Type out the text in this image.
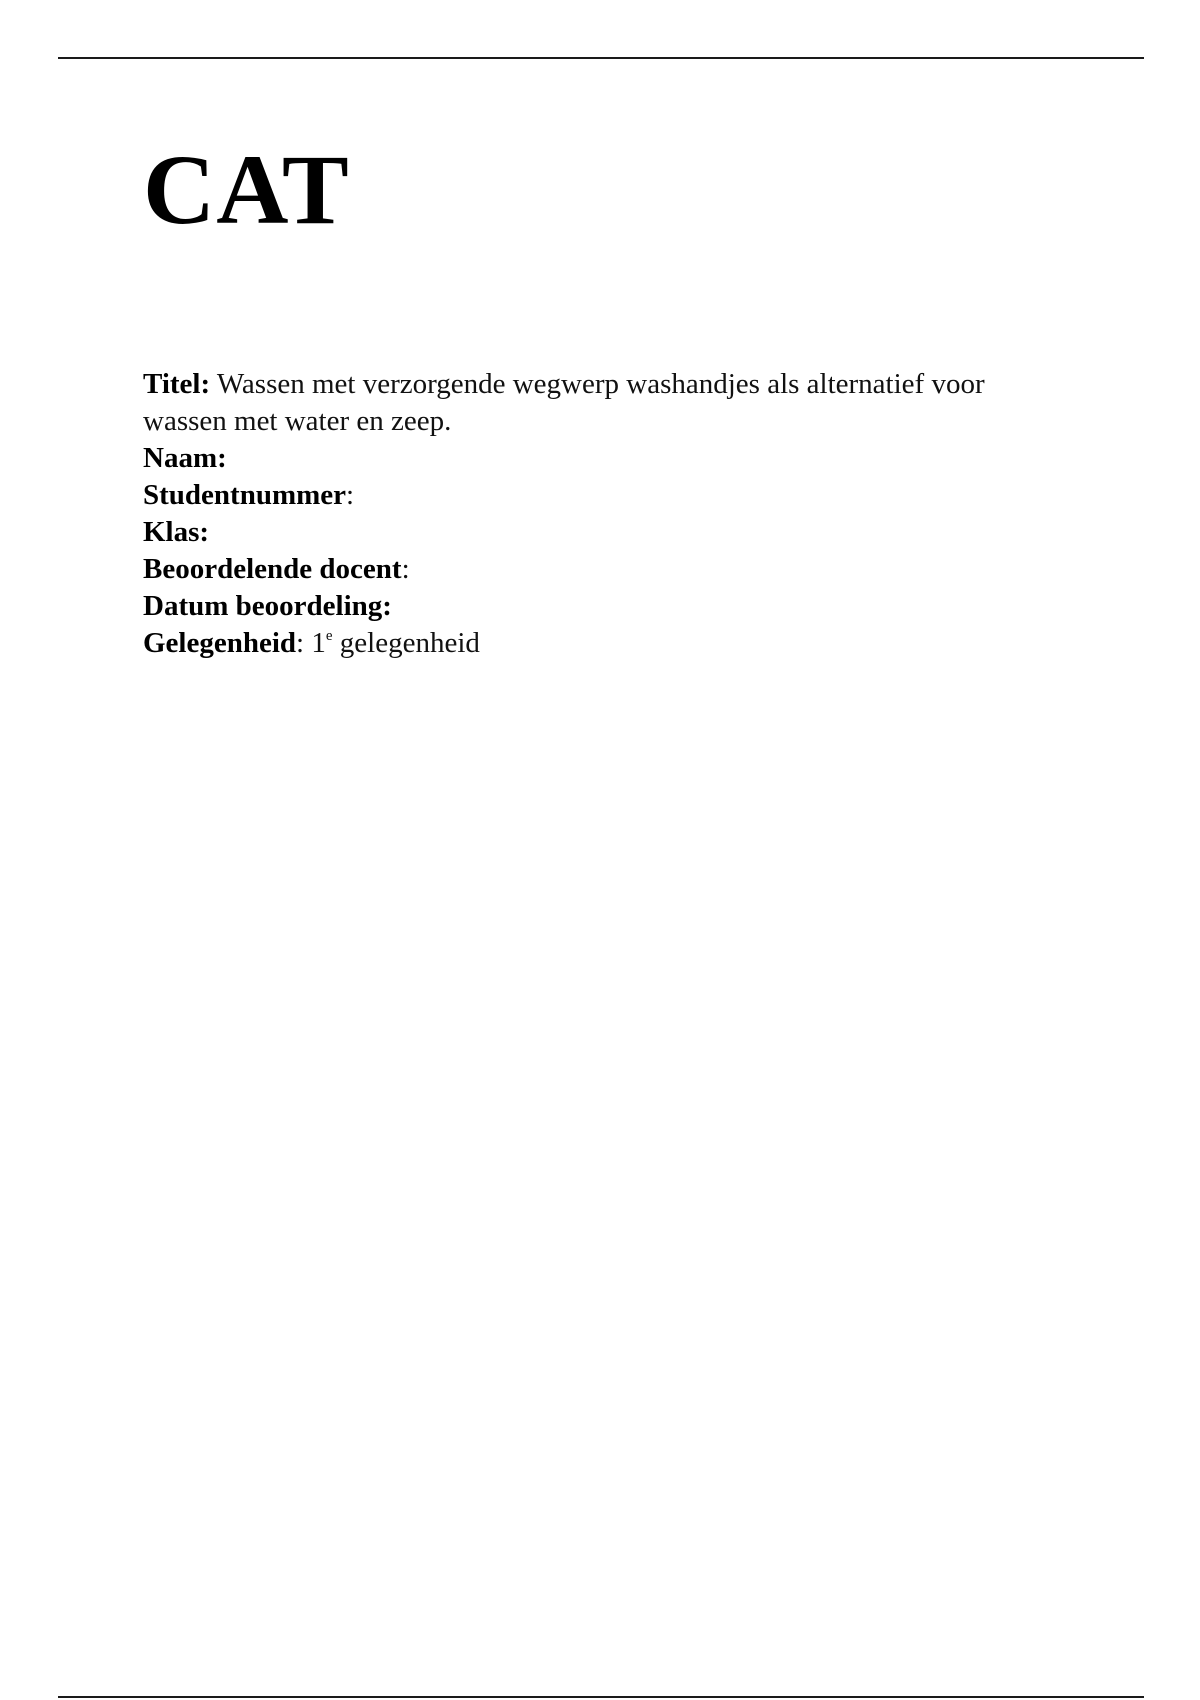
CAT

Titel: Wassen met verzorgende wegwerp washandjes als alternatief voor wassen met water en zeep.

Naam:

Studentnummer:

Klas:

Beoordelende docent:

Datum beoordeling:

Gelegenheid: 1e gelegenheid
